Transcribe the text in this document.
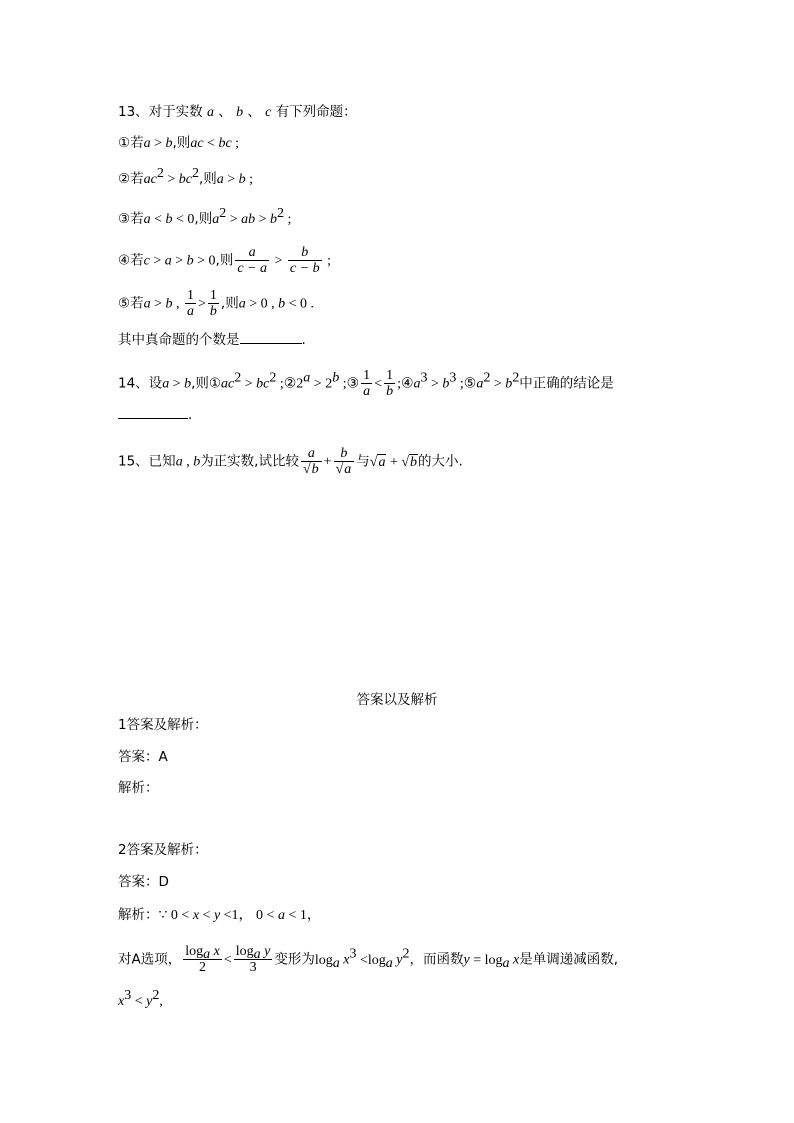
13、对于实数 a 、 b 、 c 有下列命题：
①若a > b,则ac < bc ;
②若$ac^2 > bc^2$,则a > b ;
③若a < b < 0,则$a^2$ > ab > $b^2$ ;
④若c > a > b > 0,则 $\frac{a}{c - a} > \frac{b}{c - b}$ ;
⑤若a > b , $\frac{1}{a} > \frac{1}{b}$ ,则a > 0 , b < 0 .
其中真命题的个数是	.
14、设a > b,则$①ac^2 > bc^2$ $;②2^a > 2^b$ ;③ $\frac{1}{a} < \frac{1}{b}$ $;④a^3 > b^3$ $;⑤a^2 > b^2$中正确的结论是
.
15、已知a , b为正实数,试比较 $\frac{a}{√b} + \frac{b}{√a}$ 与√a + √b的大小.
答案以及解析
1答案及解析：
答案：A
解析：
2答案及解析：
答案：D
解析：∵ 0 < x < y <1， 0 < a < 1，
对A选项， $\frac{\log_a x}{2} < \frac{\log_a y}{3}$ 变形为$\log_a x^3 <\log_a$ $y^2$，而函数$y = \log_a x$是单调递减函数,
$x^3 < y^2$,
